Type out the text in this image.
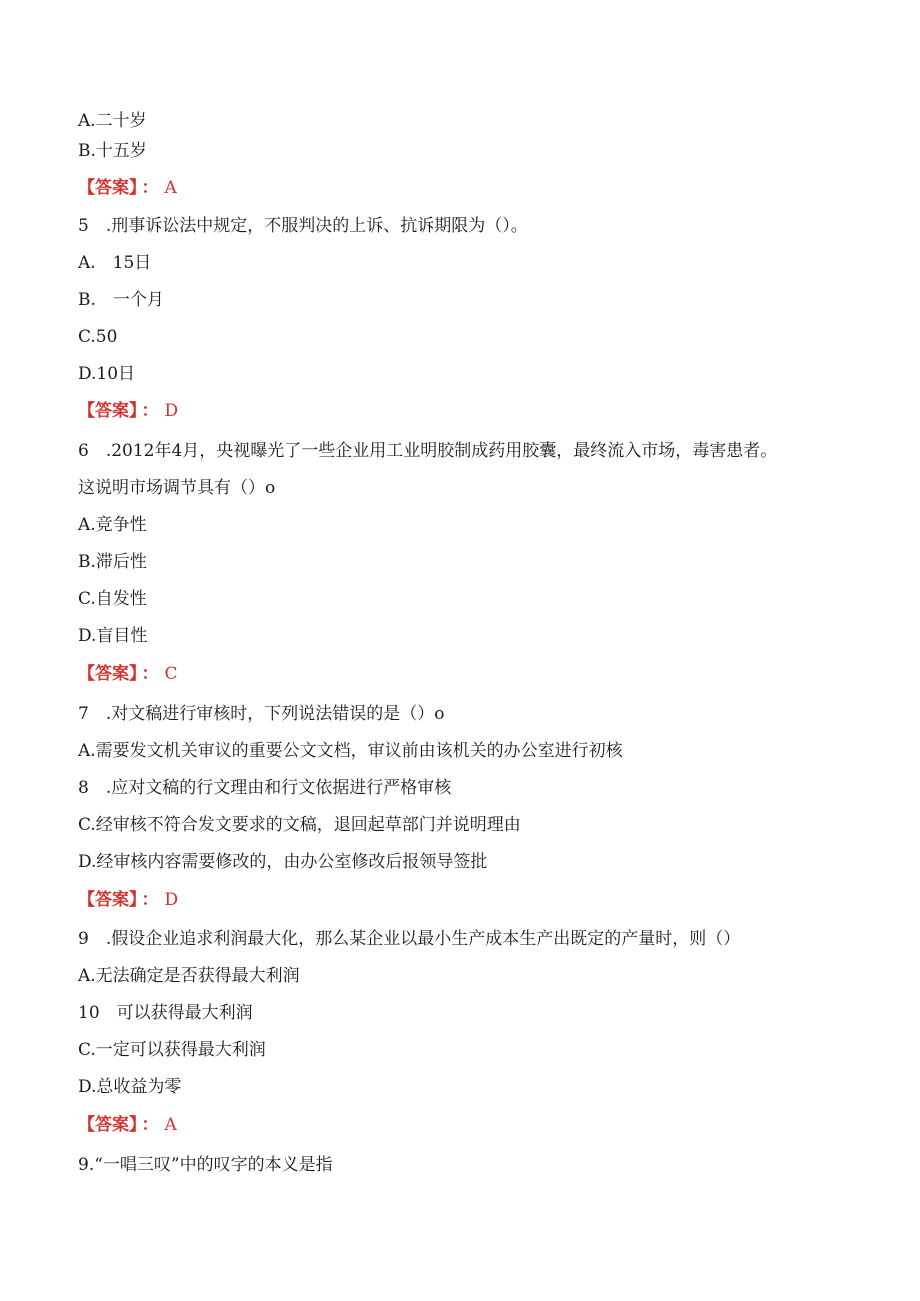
A.二十岁
B.十五岁
【答案】 ： A
5　.刑事诉讼法中规定，不服判决的上诉、抗诉期限为（）。
A.　15日
B.　一个月
C.50
D.10日
【答案】 ： D
6　.2012年4月，央视曝光了一些企业用工业明胶制成药用胶囊，最终流入市场，毒害患者。
这说明市场调节具有（）o
A.竞争性
B.滞后性
C.自发性
D.盲目性
【答案】 ： C
7　.对文稿进行审核时，下列说法错误的是（）o
A.需要发文机关审议的重要公文文档，审议前由该机关的办公室进行初核
8　.应对文稿的行文理由和行文依据进行严格审核
C.经审核不符合发文要求的文稿，退回起草部门并说明理由
D.经审核内容需要修改的，由办公室修改后报领导签批
【答案】 ： D
9　.假设企业追求利润最大化，那么某企业以最小生产成本生产出既定的产量时，则（）
A.无法确定是否获得最大利润
10　可以获得最大利润
C.一定可以获得最大利润
D.总收益为零
【答案】 ： A
9.“一唱三叹”中的叹字的本义是指
